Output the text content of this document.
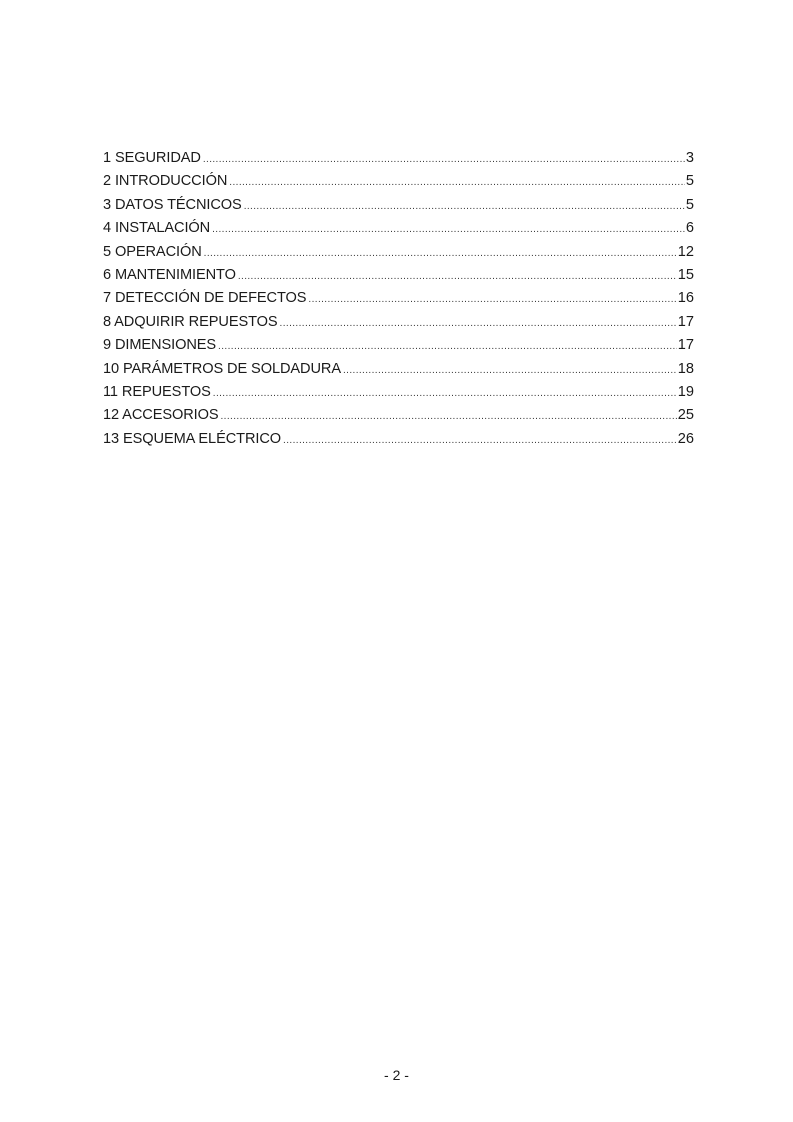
1 SEGURIDAD .....	3
2 INTRODUCCIÓN .....	5
3 DATOS TÉCNICOS .....	5
4 INSTALACIÓN .....	6
5 OPERACIÓN .....	12
6 MANTENIMIENTO .....	15
7 DETECCIÓN DE DEFECTOS .....	16
8 ADQUIRIR REPUESTOS .....	17
9 DIMENSIONES .....	17
10 PARÁMETROS DE SOLDADURA .....	18
11 REPUESTOS .....	19
12 ACCESORIOS .....	25
13 ESQUEMA ELÉCTRICO .....	26
- 2 -
